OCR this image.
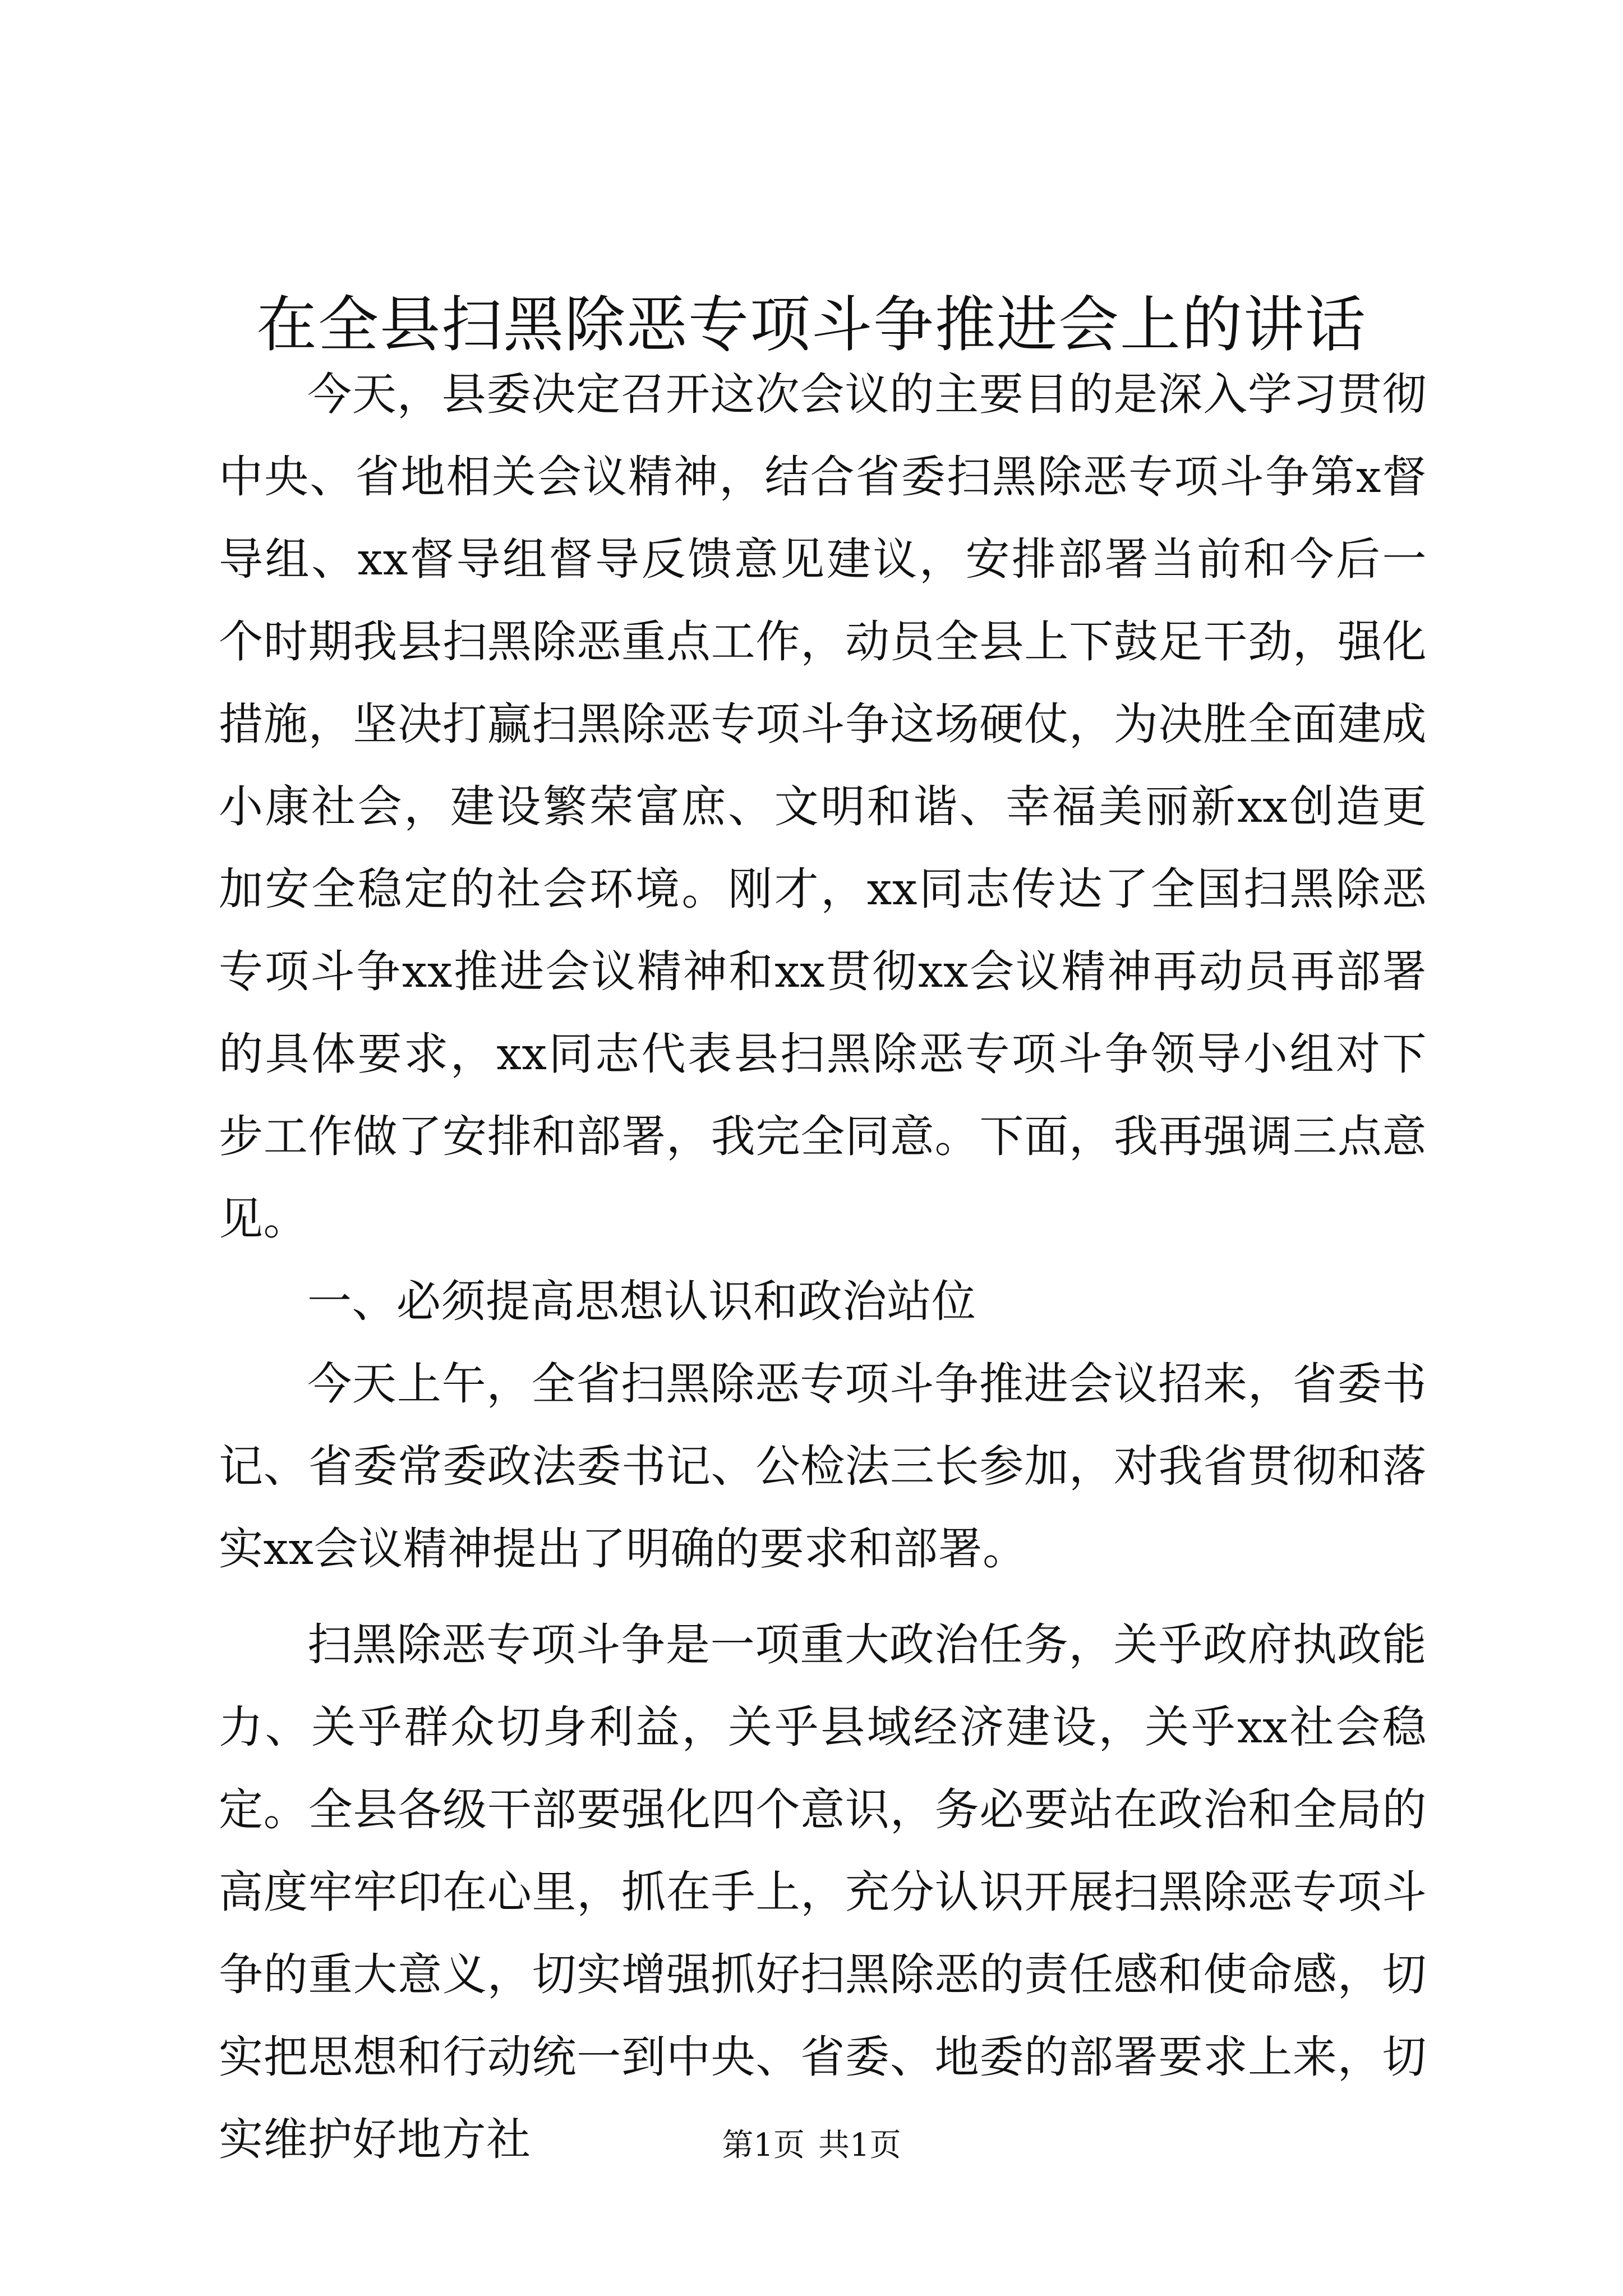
在全县扫黑除恶专项斗争推进会上的讲话

今天，县委决定召开这次会议的主要目的是深入学习贯彻中央、省地相关会议精神，结合省委扫黑除恶专项斗争第x督导组、xx督导组督导反馈意见建议，安排部署当前和今后一个时期我县扫黑除恶重点工作，动员全县上下鼓足干劲，强化措施，坚决打赢扫黑除恶专项斗争这场硬仗，为决胜全面建成小康社会，建设繁荣富庶、文明和谐、幸福美丽新xx创造更加安全稳定的社会环境。刚才，xx同志传达了全国扫黑除恶专项斗争xx推进会议精神和xx贯彻xx会议精神再动员再部署的具体要求，xx同志代表县扫黑除恶专项斗争领导小组对下步工作做了安排和部署，我完全同意。下面，我再强调三点意见。

一、必须提高思想认识和政治站位

今天上午，全省扫黑除恶专项斗争推进会议招来，省委书记、省委常委政法委书记、公检法三长参加，对我省贯彻和落实xx会议精神提出了明确的要求和部署。

扫黑除恶专项斗争是一项重大政治任务，关乎政府执政能力、关乎群众切身利益，关乎县域经济建设，关乎xx社会稳定。全县各级干部要强化四个意识，务必要站在政治和全局的高度牢牢印在心里，抓在手上，充分认识开展扫黑除恶专项斗争的重大意义，切实增强抓好扫黑除恶的责任感和使命感，切实把思想和行动统一到中央、省委、地委的部署要求上来，切实维护好地方社	第1页 共1页
